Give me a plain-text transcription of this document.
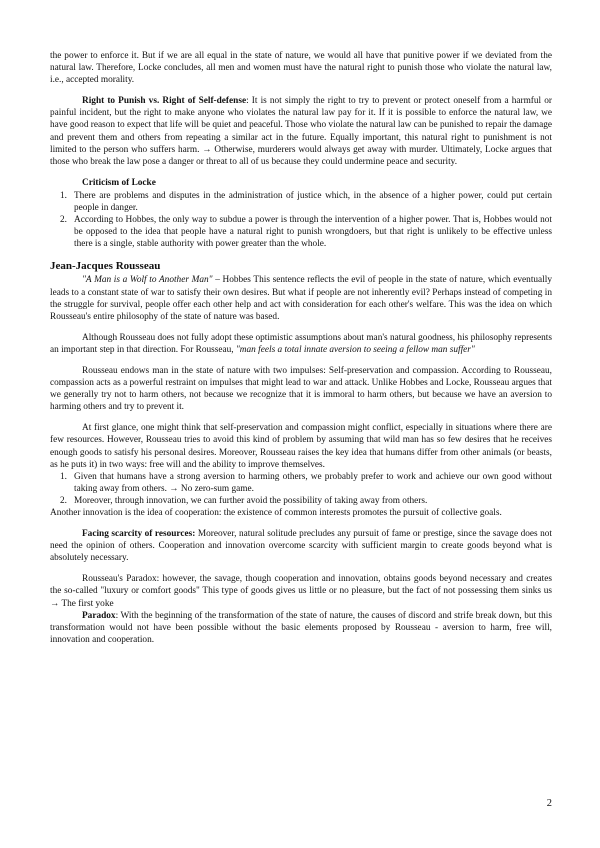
the power to enforce it. But if we are all equal in the state of nature, we would all have that punitive power if we deviated from the natural law. Therefore, Locke concludes, all men and women must have the natural right to punish those who violate the natural law, i.e., accepted morality.

Right to Punish vs. Right of Self-defense: It is not simply the right to try to prevent or protect oneself from a harmful or painful incident, but the right to make anyone who violates the natural law pay for it. If it is possible to enforce the natural law, we have good reason to expect that life will be quiet and peaceful. Those who violate the natural law can be punished to repair the damage and prevent them and others from repeating a similar act in the future. Equally important, this natural right to punishment is not limited to the person who suffers harm. → Otherwise, murderers would always get away with murder. Ultimately, Locke argues that those who break the law pose a danger or threat to all of us because they could undermine peace and security.

Criticism of Locke
1. There are problems and disputes in the administration of justice which, in the absence of a higher power, could put certain people in danger.
2. According to Hobbes, the only way to subdue a power is through the intervention of a higher power. That is, Hobbes would not be opposed to the idea that people have a natural right to punish wrongdoers, but that right is unlikely to be effective unless there is a single, stable authority with power greater than the whole.
Jean-Jacques Rousseau

"A Man is a Wolf to Another Man" – Hobbes This sentence reflects the evil of people in the state of nature, which eventually leads to a constant state of war to satisfy their own desires. But what if people are not inherently evil? Perhaps instead of competing in the struggle for survival, people offer each other help and act with consideration for each other's welfare. This was the idea on which Rousseau's entire philosophy of the state of nature was based.

Although Rousseau does not fully adopt these optimistic assumptions about man's natural goodness, his philosophy represents an important step in that direction. For Rousseau, "man feels a total innate aversion to seeing a fellow man suffer"

Rousseau endows man in the state of nature with two impulses: Self-preservation and compassion. According to Rousseau, compassion acts as a powerful restraint on impulses that might lead to war and attack. Unlike Hobbes and Locke, Rousseau argues that we generally try not to harm others, not because we recognize that it is immoral to harm others, but because we have an aversion to harming others and try to prevent it.

At first glance, one might think that self-preservation and compassion might conflict, especially in situations where there are few resources. However, Rousseau tries to avoid this kind of problem by assuming that wild man has so few desires that he receives enough goods to satisfy his personal desires. Moreover, Rousseau raises the key idea that humans differ from other animals (or beasts, as he puts it) in two ways: free will and the ability to improve themselves.

1. Given that humans have a strong aversion to harming others, we probably prefer to work and achieve our own good without taking away from others. → No zero-sum game.
2. Moreover, through innovation, we can further avoid the possibility of taking away from others.

Another innovation is the idea of cooperation: the existence of common interests promotes the pursuit of collective goals.

Facing scarcity of resources: Moreover, natural solitude precludes any pursuit of fame or prestige, since the savage does not need the opinion of others. Cooperation and innovation overcome scarcity with sufficient margin to create goods beyond what is absolutely necessary.

Rousseau's Paradox: however, the savage, though cooperation and innovation, obtains goods beyond necessary and creates the so-called "luxury or comfort goods" This type of goods gives us little or no pleasure, but the fact of not possessing them sinks us → The first yoke

Paradox: With the beginning of the transformation of the state of nature, the causes of discord and strife break down, but this transformation would not have been possible without the basic elements proposed by Rousseau - aversion to harm, free will, innovation and cooperation.

2
